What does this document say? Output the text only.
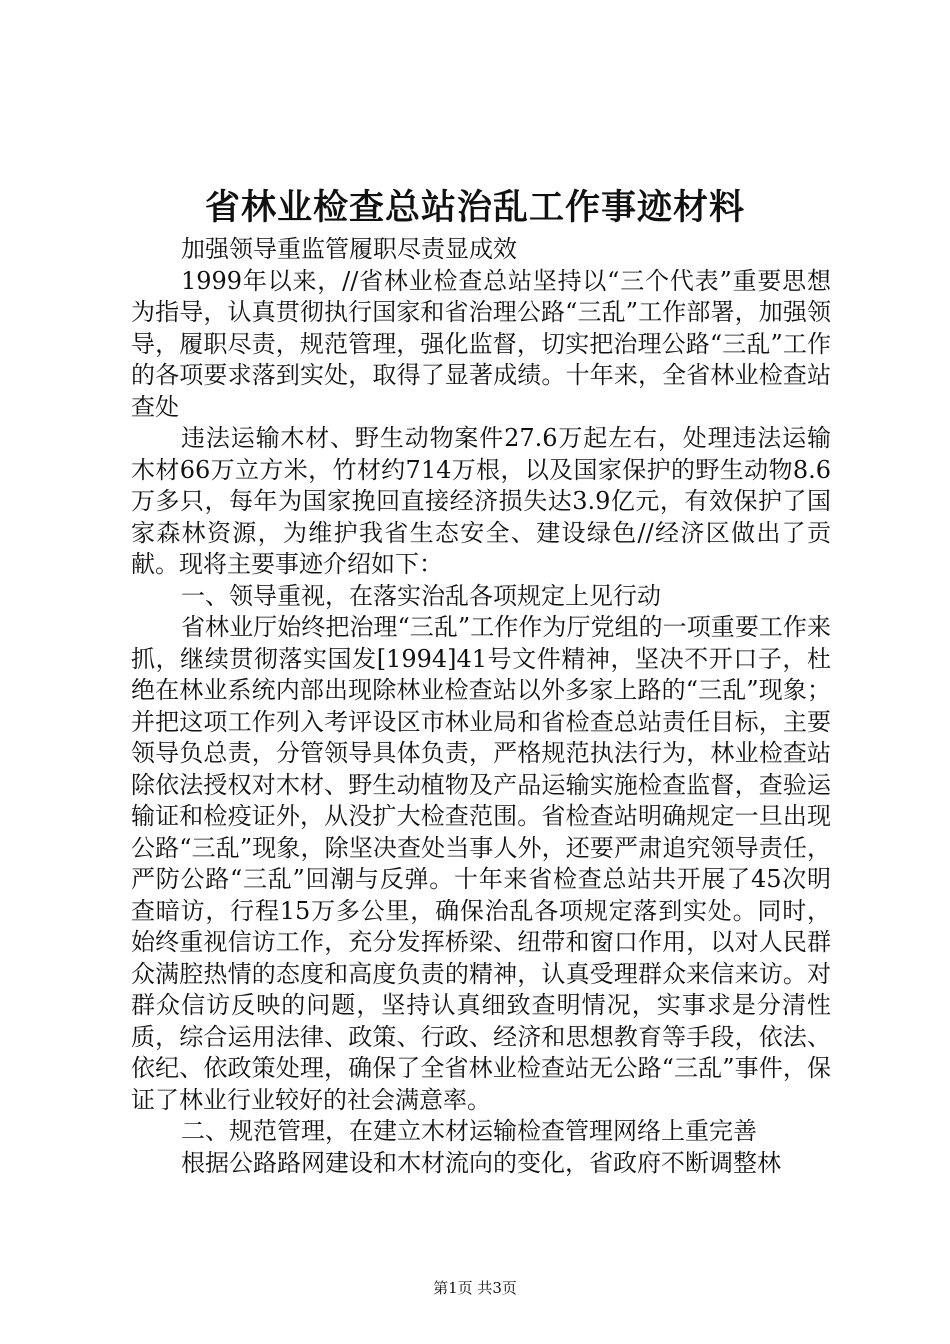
省林业检查总站治乱工作事迹材料

加强领导重监管履职尽责显成效

1999年以来，//省林业检查总站坚持以“三个代表”重要思想为指导，认真贯彻执行国家和省治理公路“三乱”工作部署，加强领导，履职尽责，规范管理，强化监督，切实把治理公路“三乱”工作的各项要求落到实处，取得了显著成绩。十年来，全省林业检查站查处

违法运输木材、野生动物案件27.6万起左右，处理违法运输木材66万立方米，竹材约714万根，以及国家保护的野生动物8.6万多只，每年为国家挽回直接经济损失达3.9亿元，有效保护了国家森林资源，为维护我省生态安全、建设绿色//经济区做出了贡献。现将主要事迹介绍如下：

一、领导重视，在落实治乱各项规定上见行动

省林业厅始终把治理“三乱”工作作为厅党组的一项重要工作来抓，继续贯彻落实国发[1994]41号文件精神，坚决不开口子，杜绝在林业系统内部出现除林业检查站以外多家上路的“三乱”现象；并把这项工作列入考评设区市林业局和省检查总站责任目标，主要领导负总责，分管领导具体负责，严格规范执法行为，林业检查站除依法授权对木材、野生动植物及产品运输实施检查监督，查验运输证和检疫证外，从没扩大检查范围。省检查站明确规定一旦出现公路“三乱”现象，除坚决查处当事人外，还要严肃追究领导责任，严防公路“三乱”回潮与反弹。十年来省检查总站共开展了45次明查暗访，行程15万多公里，确保治乱各项规定落到实处。同时，始终重视信访工作，充分发挥桥梁、纽带和窗口作用，以对人民群众满腔热情的态度和高度负责的精神，认真受理群众来信来访。对群众信访反映的问题，坚持认真细致查明情况，实事求是分清性质，综合运用法律、政策、行政、经济和思想教育等手段，依法、依纪、依政策处理，确保了全省林业检查站无公路“三乱”事件，保证了林业行业较好的社会满意率。

二、规范管理，在建立木材运输检查管理网络上重完善

根据公路路网建设和木材流向的变化，省政府不断调整林

第1页 共3页
